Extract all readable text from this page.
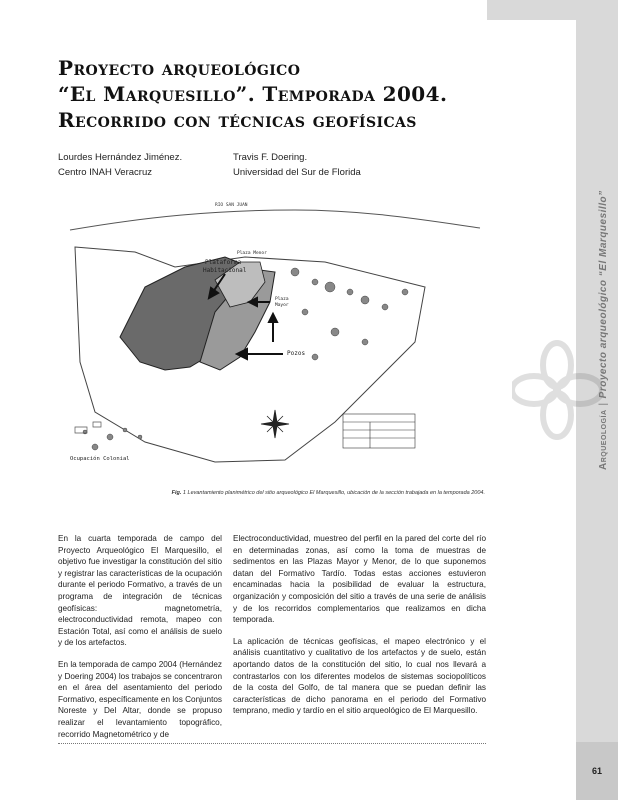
Arqueología|Proyecto arqueológico “El Marquesillo”
Proyecto arqueológico
“El Marquesillo”. Temporada 2004.
Recorrido con técnicas geofísicas
Lourdes Hernández Jiménez.
Centro INAH Veracruz
Travis F. Doering.
Universidad del Sur de Florida
RIO SAN JUAN
Plataforma
Habitacional
Plaza Menor
Plaza
Mayor
Pozos
Ocupación Colonial
Fig. 1 Levantamiento planimétrico del sitio arqueológico El Marquesillo, ubicación de la sección trabajada en la temporada 2004.

En la cuarta temporada de campo del Proyecto Arqueológico El Marquesillo, el objetivo fue investigar la constitución del sitio y registrar las características de la ocupación durante el periodo Formativo, a través de un programa de integración de técnicas geofísicas: magnetometría, electroconductividad remota, mapeo con Estación Total, así como el análisis de suelo y de los artefactos.

En la temporada de campo 2004 (Hernández y Doering 2004) los trabajos se concentraron en el área del asentamiento del periodo Formativo, específicamente en los Conjuntos Noreste y Del Altar, donde se propuso realizar el levantamiento topográfico, recorrido Magnetométrico y de

Electroconductividad, muestreo del perfil en la pared del corte del río en determinadas zonas, así como la toma de muestras de sedimentos en las Plazas Mayor y Menor, de lo que suponemos datan del Formativo Tardío. Todas estas acciones estuvieron encaminadas hacia la posibilidad de evaluar la estructura, organización y composición del sitio a través de una serie de análisis y de los recorridos complementarios que realizamos en dicha temporada.

La aplicación de técnicas geofísicas, el mapeo electrónico y el análisis cuantitativo y cualitativo de los artefactos y de suelo, están aportando datos de la constitución del sitio, lo cual nos llevará a contrastarlos con los diferentes modelos de sistemas sociopolíticos de la costa del Golfo, de tal manera que se puedan definir las características de dicho panorama en el periodo del Formativo temprano, medio y tardío en el sitio arqueológico de El Marquesillo.

61
